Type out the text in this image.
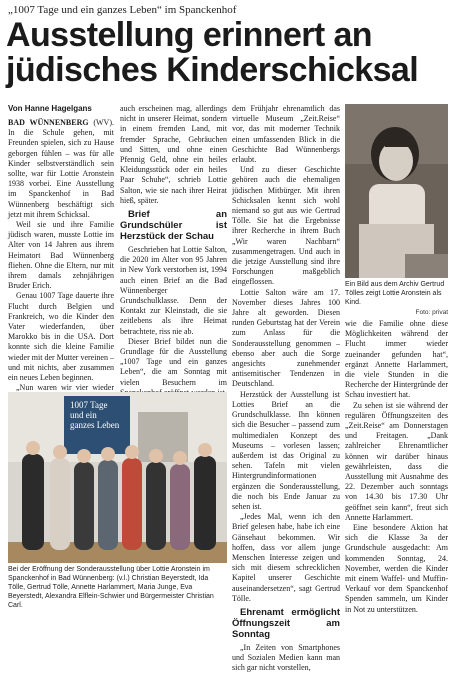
„1007 Tage und ein ganzes Leben“ im Spanckenhof
Ausstellung erinnert an
jüdisches Kinderschicksal
Von Hanne Hagelgans

BAD WÜNNENBERG (WV). In die Schule gehen, mit Freunden spielen, sich zu Hause geborgen fühlen – was für alle Kinder selbstverständlich sein sollte, war für Lottie Aronstein 1938 vorbei. Eine Ausstellung im Spanckenhof in Bad Wünnenberg beschäftigt sich jetzt mit ihrem Schicksal.

Weil sie und ihre Familie jüdisch waren, musste Lottie im Alter von 14 Jahren aus ihrem Heimatort Bad Wünnenberg fliehen. Ohne die Eltern, nur mit ihrem damals zehnjährigen Bruder Erich.

Genau 1007 Tage dauerte ihre Flucht durch Belgien und Frankreich, wo die Kinder den Vater wiederfanden, über Marokko bis in die USA. Dort konnte sich die kleine Familie wieder mit der Mutter vereinen – und mit nichts, aber zusammen ein neues Leben beginnen.

„Nun waren wir vier wieder

auch erscheinen mag, allerdings nicht in unserer Heimat, sondern in einem fremden Land, mit fremder Sprache, Gebräuchen und Sitten, und ohne einen Pfennig Geld, ohne ein heiles Kleidungsstück oder ein heiles Paar Schuhe“, schrieb Lottie Salton, wie sie nach ihrer Heirat hieß, später.

Brief an Grundschüler ist Herzstück der Schau

Geschrieben hat Lottie Salton, die 2020 im Alter von 95 Jahren in New York verstorben ist, 1994 auch einen Brief an die Bad Wünnenberger Grundschulklasse. Denn der Kontakt zur Kleinstadt, die sie zeitlebens als ihre Heimat betrachtete, riss nie ab.

Dieser Brief bildet nun die Grundlage für die Ausstellung „1007 Tage und ein ganzes Leben“, die am Sonntag mit vielen Besuchern im

dem Frühjahr ehrenamtlich das virtuelle Museum „Zeit.Reise“ vor, das mit moderner Technik einen umfassenden Blick in die Geschichte Bad Wünnenbergs erlaubt.

Und zu dieser Geschichte gehören auch die ehemaligen jüdischen Mitbürger. Mit ihren Schicksalen kennt sich wohl niemand so gut aus wie Gertrud Tölle. Sie hat die Ergebnisse ihrer Recherche in ihrem Buch „Wir waren Nachbarn“ zusammengetragen. Und auch in die jetzige Ausstellung sind ihre Forschungen maßgeblich eingeflossen.

Lottie Salton wäre am 17. November dieses Jahres 100 Jahre alt geworden. Diesen runden Geburtstag hat der Verein zum Anlass für die Sonderausstellung genommen – ebenso aber auch die Sorge angesichts zunehmender antisemitischer Tendenzen in Deutschland.

Herzstück der Ausstellung ist Lotties Brief an die Grundschulklasse. Ihn können sich die Besucher – passend zum multimedialen Konzept des Museums – vorlesen lassen; außerdem ist das Original zu sehen. Tafeln mit vielen Hintergrundinformationen ergänzen die Sonderausstellung, die noch bis Ende Januar zu sehen ist.

„Jedes Mal, wenn ich den Brief gelesen habe, habe ich eine Gänsehaut bekommen. Wir hoffen, dass vor allem junge Menschen Interesse zeigen und sich mit diesem schrecklichen Kapitel unserer Geschichte auseinandersetzen“, sagt Gertrud Tölle.

Ehrenamt ermöglicht Öffnungszeit am Sonntag

„In Zeiten von Smartphones und Sozialen Medien kann man sich gar nicht vorstellen,

Ein Bild aus dem Archiv Gertrud Tölles zeigt Lottie Aronstein als Kind.
Foto: privat

wie die Familie ohne diese Möglichkeiten während der Flucht immer wieder zueinander gefunden hat“, ergänzt Annette Harlammert, die viele Stunden in die Recherche der Hintergründe der Schau investiert hat.

Zu sehen ist sie während der regulären Öffnungszeiten des „Zeit.Reise“ am Donnerstagen und Freitagen. „Dank zahlreicher Ehrenamtlicher können wir darüber hinaus gewährleisten, dass die Ausstellung mit Ausnahme des 22. Dezember auch sonntags von 14.30 bis 17.30 Uhr geöffnet sein kann“, freut sich Annette Harlammert.

Eine besondere Aktion hat sich die Klasse 3a der Grundschule ausgedacht: Am kommenden Sonntag, 24. November, werden die Kinder mit einem Waffel- und Muffin-Verkauf vor dem Spanckenhof Spenden sammeln, um Kinder in Not zu unterstützen.

1007 Tage
und ein
ganzes Leben
Bei der Eröffnung der Sonderausstellung über Lottie Aronstein im Spanckenhof in Bad Wünnenberg: (v.l.) Christian Beyerstedt, Ida Tölle, Gertrud Tölle, Annette Harlammert, Maria Junge, Eva Beyerstedt, Alexandra Elflein-Schwier und Bürgermeister Christian Carl.
